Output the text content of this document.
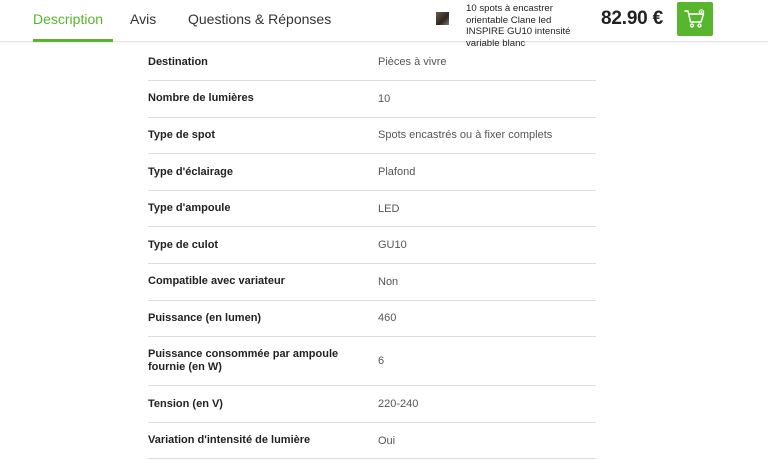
Description	Avis Questions & Réponses
10 spots à encastrer orientable Clane led INSPIRE GU10 intensité variable blanc
82.90 €
Destination	Pièces à vivre
Nombre de lumières	10
Type de spot	Spots encastrés ou à fixer complets
Type d'éclairage	Plafond
Type d'ampoule	LED
Type de culot	GU10
Compatible avec variateur	Non
Puissance (en lumen)	460
Puissance consommée par ampoule fournie (en W)	6
Tension (en V)	220-240
Variation d'intensité de lumière	Oui
